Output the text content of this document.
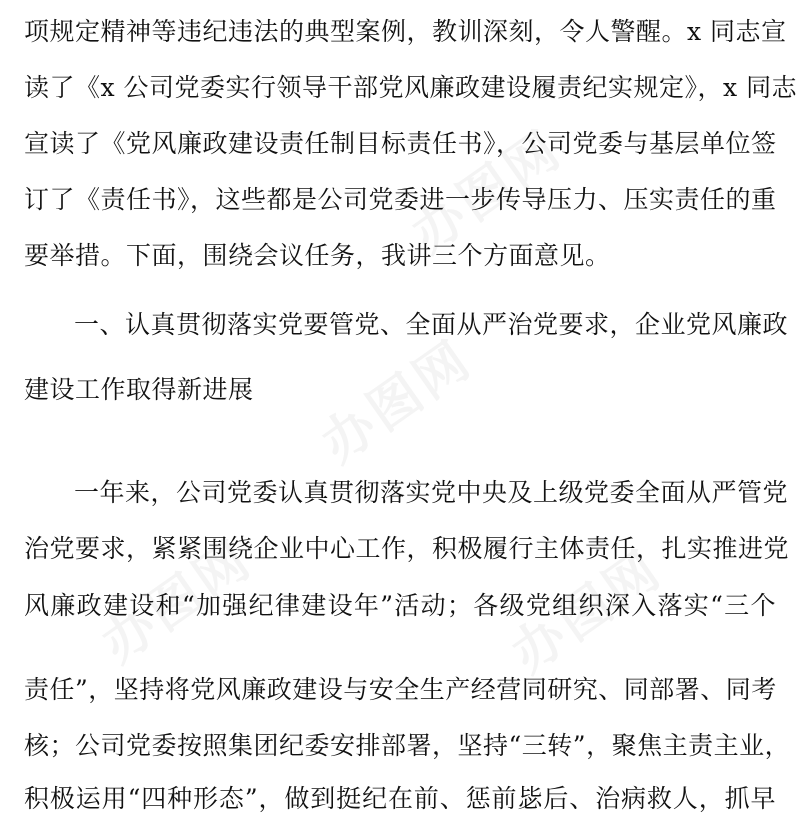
办图网
办图网
办图网	办图网
项规定精神等违纪违法的典型案例，教训深刻，令人警醒。x 同志宣
读了《x 公司党委实行领导干部党风廉政建设履责纪实规定》，x 同志
宣读了《党风廉政建设责任制目标责任书》，公司党委与基层单位签
订了《责任书》，这些都是公司党委进一步传导压力、压实责任的重
要举措。下面，围绕会议任务，我讲三个方面意见。
一、认真贯彻落实党要管党、全面从严治党要求，企业党风廉政
建设工作取得新进展
一年来，公司党委认真贯彻落实党中央及上级党委全面从严管党
治党要求，紧紧围绕企业中心工作，积极履行主体责任，扎实推进党
风廉政建设和“加强纪律建设年”活动；各级党组织深入落实“三个
责任”，坚持将党风廉政建设与安全生产经营同研究、同部署、同考
核；公司党委按照集团纪委安排部署，坚持“三转”，聚焦主责主业，
积极运用“四种形态”，做到挺纪在前、惩前毖后、治病救人，抓早
